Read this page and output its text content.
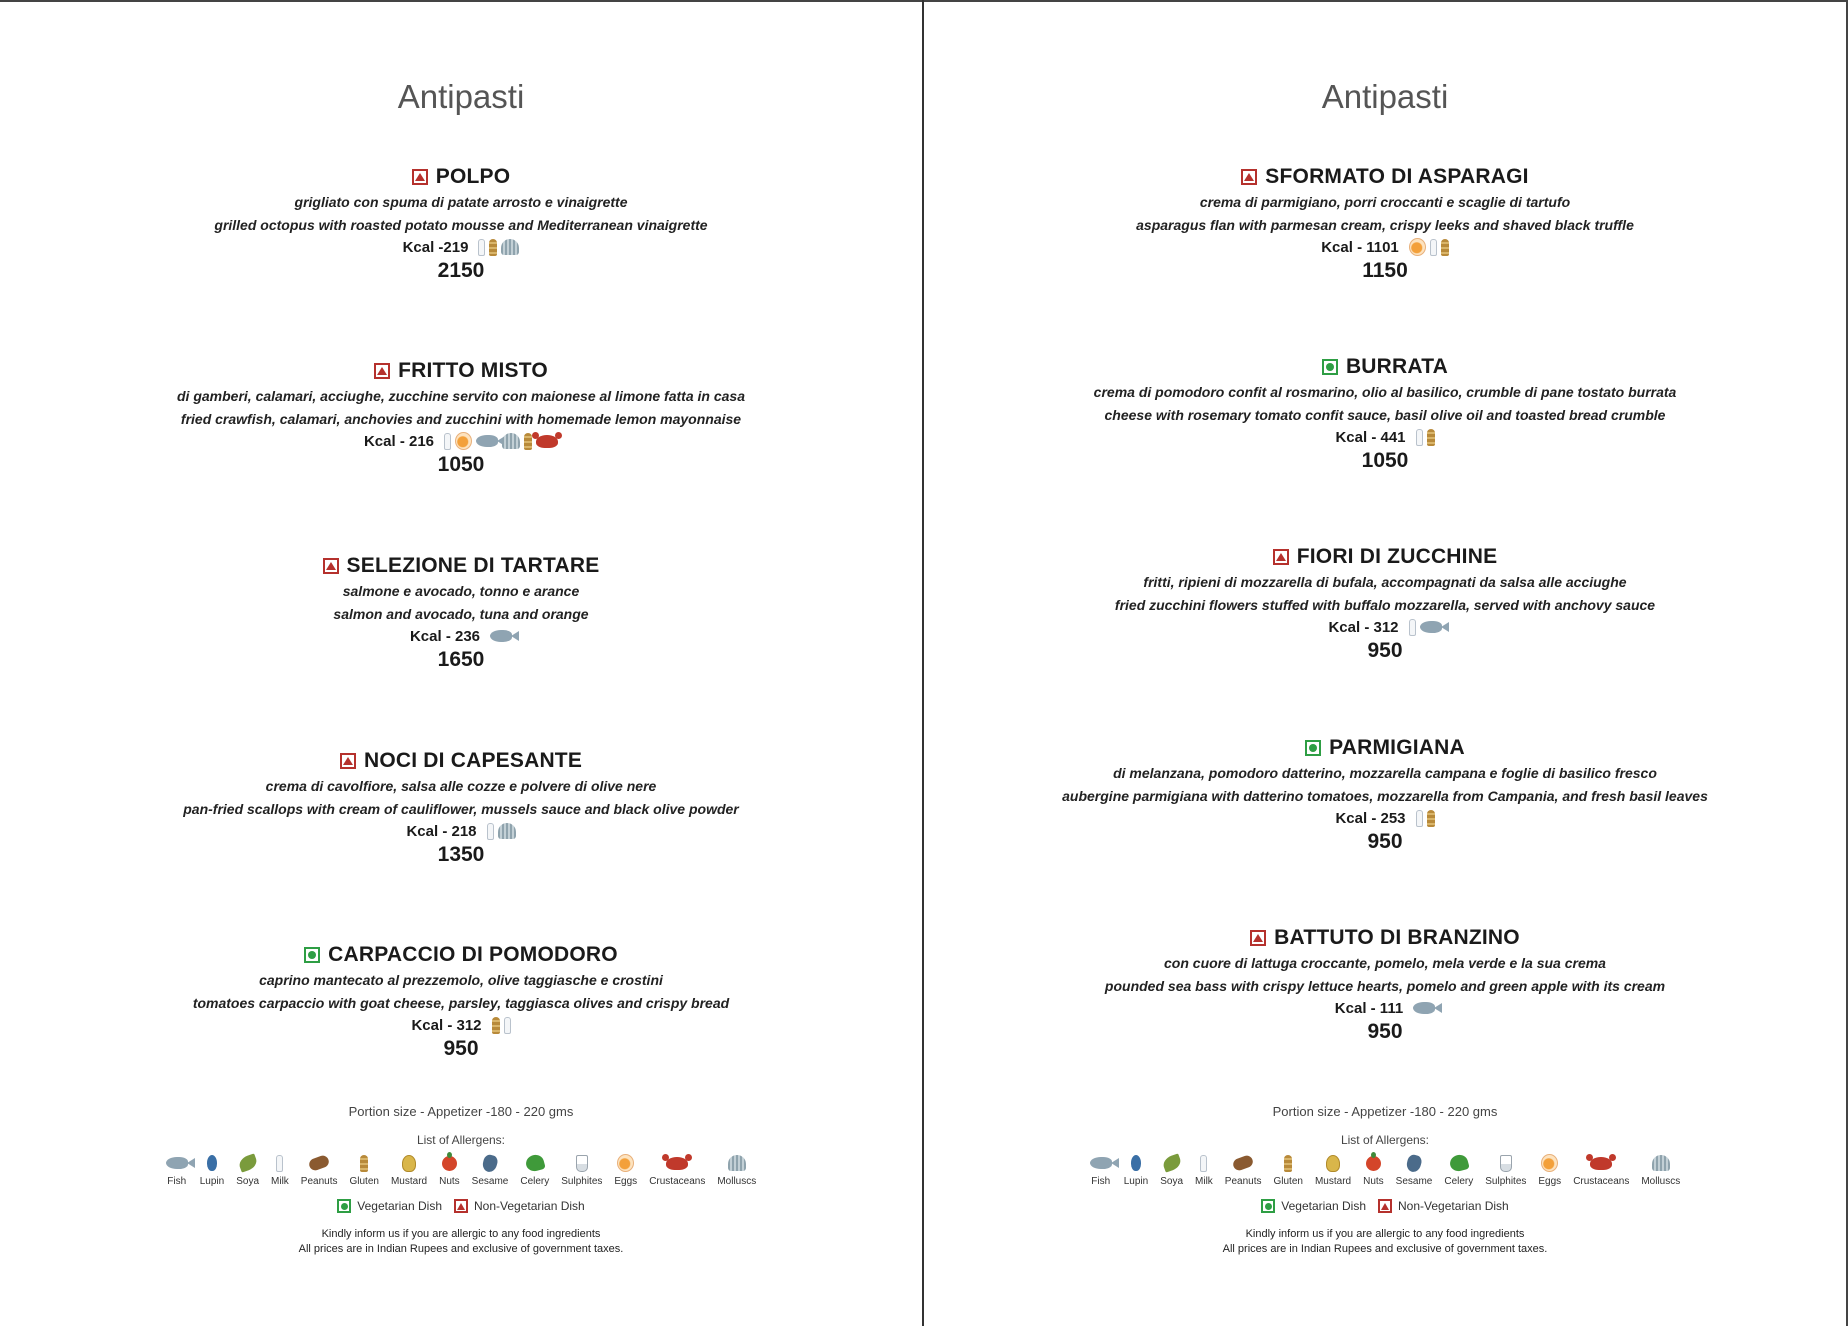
Antipasti
POLPO
grigliato con spuma di patate arrosto e vinaigrette
grilled octopus with roasted potato mousse and Mediterranean vinaigrette
Kcal -219
2150
FRITTO MISTO
di gamberi, calamari, acciughe, zucchine servito con maionese al limone fatta in casa
fried crawfish, calamari, anchovies and zucchini with homemade lemon mayonnaise
Kcal - 216
1050
SELEZIONE DI TARTARE
salmone e avocado, tonno e arance
salmon and avocado, tuna and orange
Kcal - 236
1650
NOCI DI CAPESANTE
crema di cavolfiore, salsa alle cozze e polvere di olive nere
pan-fried scallops with cream of cauliflower, mussels sauce and black olive powder
Kcal - 218
1350
CARPACCIO DI POMODORO
caprino mantecato al prezzemolo, olive taggiasche e crostini
tomatoes carpaccio with goat cheese, parsley, taggiasca olives and crispy bread
Kcal - 312
950
Portion size - Appetizer -180 - 220 gms
List of Allergens:
Fish Lupin Soya Milk Peanuts Gluten Mustard Nuts Sesame Celery Sulphites Eggs Crustaceans Molluscs
Vegetarian Dish	Non-Vegetarian Dish
Kindly inform us if you are allergic to any food ingredients
All prices are in Indian Rupees and exclusive of government taxes.
Antipasti
SFORMATO DI ASPARAGI
crema di parmigiano, porri croccanti e scaglie di tartufo
asparagus flan with parmesan cream, crispy leeks and shaved black truffle
Kcal - 1101
1150
BURRATA
crema di pomodoro confit al rosmarino, olio al basilico, crumble di pane tostato burrata
cheese with rosemary tomato confit sauce, basil olive oil and toasted bread crumble
Kcal - 441
1050
FIORI DI ZUCCHINE
fritti, ripieni di mozzarella di bufala, accompagnati da salsa alle acciughe
fried zucchini flowers stuffed with buffalo mozzarella, served with anchovy sauce
Kcal - 312
950
PARMIGIANA
di melanzana, pomodoro datterino, mozzarella campana e foglie di basilico fresco
aubergine parmigiana with datterino tomatoes, mozzarella from Campania, and fresh basil leaves
Kcal - 253
950
BATTUTO DI BRANZINO
con cuore di lattuga croccante, pomelo, mela verde e la sua crema
pounded sea bass with crispy lettuce hearts, pomelo and green apple with its cream
Kcal - 111
950
Portion size - Appetizer -180 - 220 gms
List of Allergens:
Fish Lupin Soya Milk Peanuts Gluten Mustard Nuts Sesame Celery Sulphites Eggs Crustaceans Molluscs
Vegetarian Dish	Non-Vegetarian Dish
Kindly inform us if you are allergic to any food ingredients
All prices are in Indian Rupees and exclusive of government taxes.
